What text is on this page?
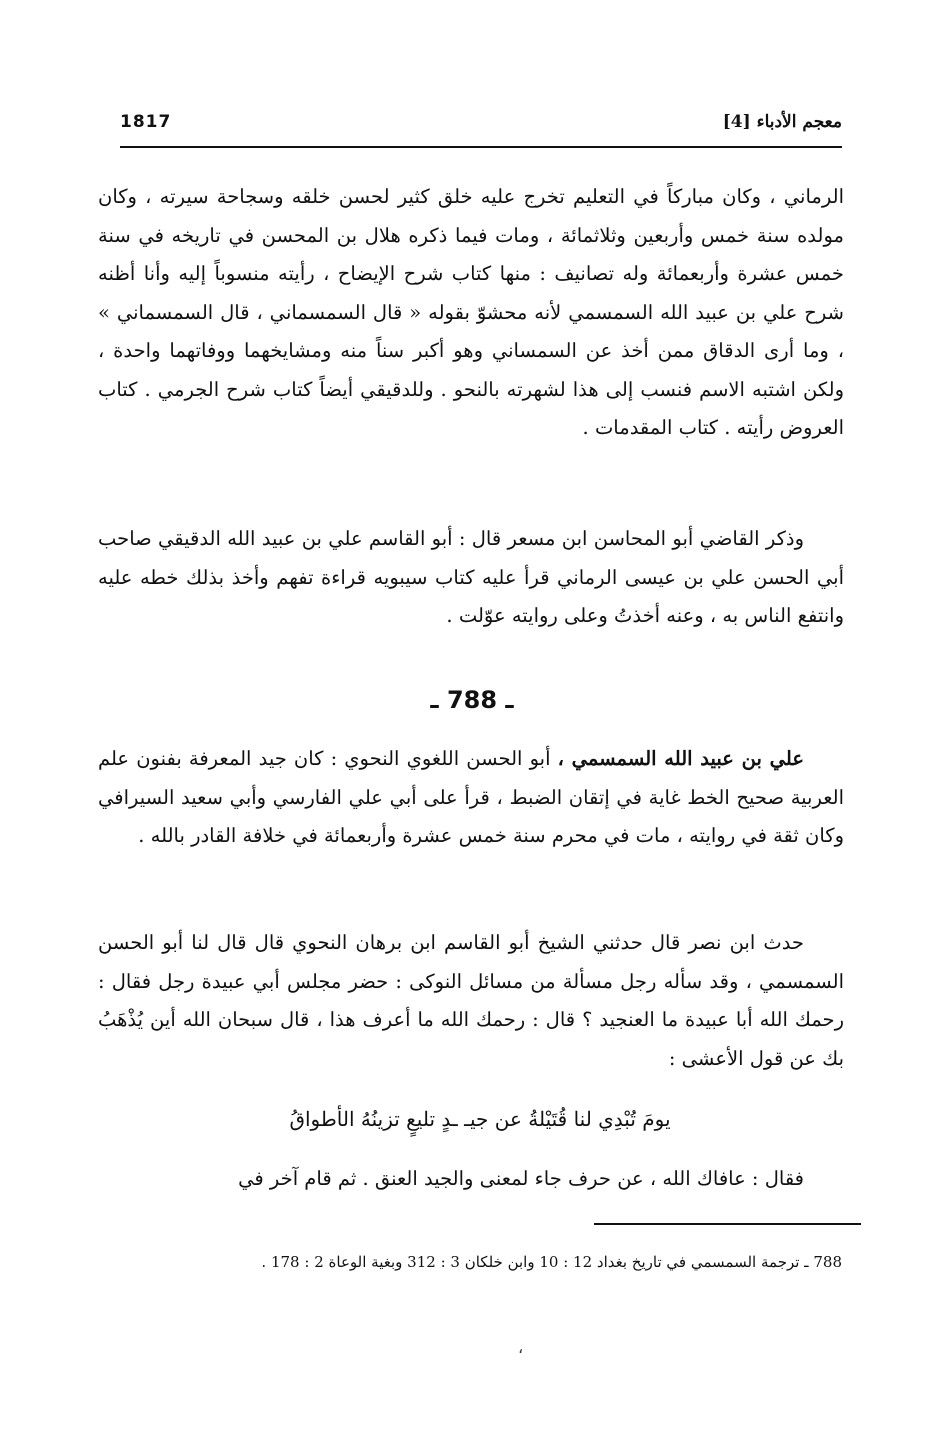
1817	معجم الأدباء [4]

الرماني ، وكان مباركاً في التعليم تخرج عليه خلق كثير لحسن خلقه وسجاحة سيرته ، وكان مولده سنة خمس وأربعين وثلاثمائة ، ومات فيما ذكره هلال بن المحسن في تاريخه في سنة خمس عشرة وأربعمائة وله تصانيف : منها كتاب شرح الإيضاح ، رأيته منسوباً إليه وأنا أظنه شرح علي بن عبيد الله السمسمي لأنه محشوّ بقوله « قال السمسماني ، قال السمسماني » ، وما أرى الدقاق ممن أخذ عن السمساني وهو أكبر سناً منه ومشايخهما ووفاتهما واحدة ، ولكن اشتبه الاسم فنسب إلى هذا لشهرته بالنحو . وللدقيقي أيضاً كتاب شرح الجرمي . كتاب العروض رأيته . كتاب المقدمات .

وذكر القاضي أبو المحاسن ابن مسعر قال : أبو القاسم علي بن عبيد الله الدقيقي صاحب أبي الحسن علي بن عيسى الرماني قرأ عليه كتاب سيبويه قراءة تفهم وأخذ بذلك خطه عليه وانتفع الناس به ، وعنه أخذتُ وعلى روايته عوّلت .

ـ 788 ـ

علي بن عبيد الله السمسمي ، أبو الحسن اللغوي النحوي : كان جيد المعرفة بفنون علم العربية صحيح الخط غاية في إتقان الضبط ، قرأ على أبي علي الفارسي وأبي سعيد السيرافي وكان ثقة في روايته ، مات في محرم سنة خمس عشرة وأربعمائة في خلافة القادر بالله .

حدث ابن نصر قال حدثني الشيخ أبو القاسم ابن برهان النحوي قال قال لنا أبو الحسن السمسمي ، وقد سأله رجل مسألة من مسائل النوكى : حضر مجلس أبي عبيدة رجل فقال : رحمك الله أبا عبيدة ما العنجيد ؟ قال : رحمك الله ما أعرف هذا ، قال سبحان الله أين يُذْهَبُ بك عن قول الأعشى :

يومَ تُبْدِي لنا قُتَيْلةُ عن جيـ ـدٍ تليعٍ تزينُهُ الأطواقُ

فقال : عافاك الله ، عن حرف جاء لمعنى والجيد العنق . ثم قام آخر في

788 ـ ترجمة السمسمي في تاريخ بغداد 12 : 10 وابن خلكان 3 : 312 وبغية الوعاة 2 : 178 .
،
